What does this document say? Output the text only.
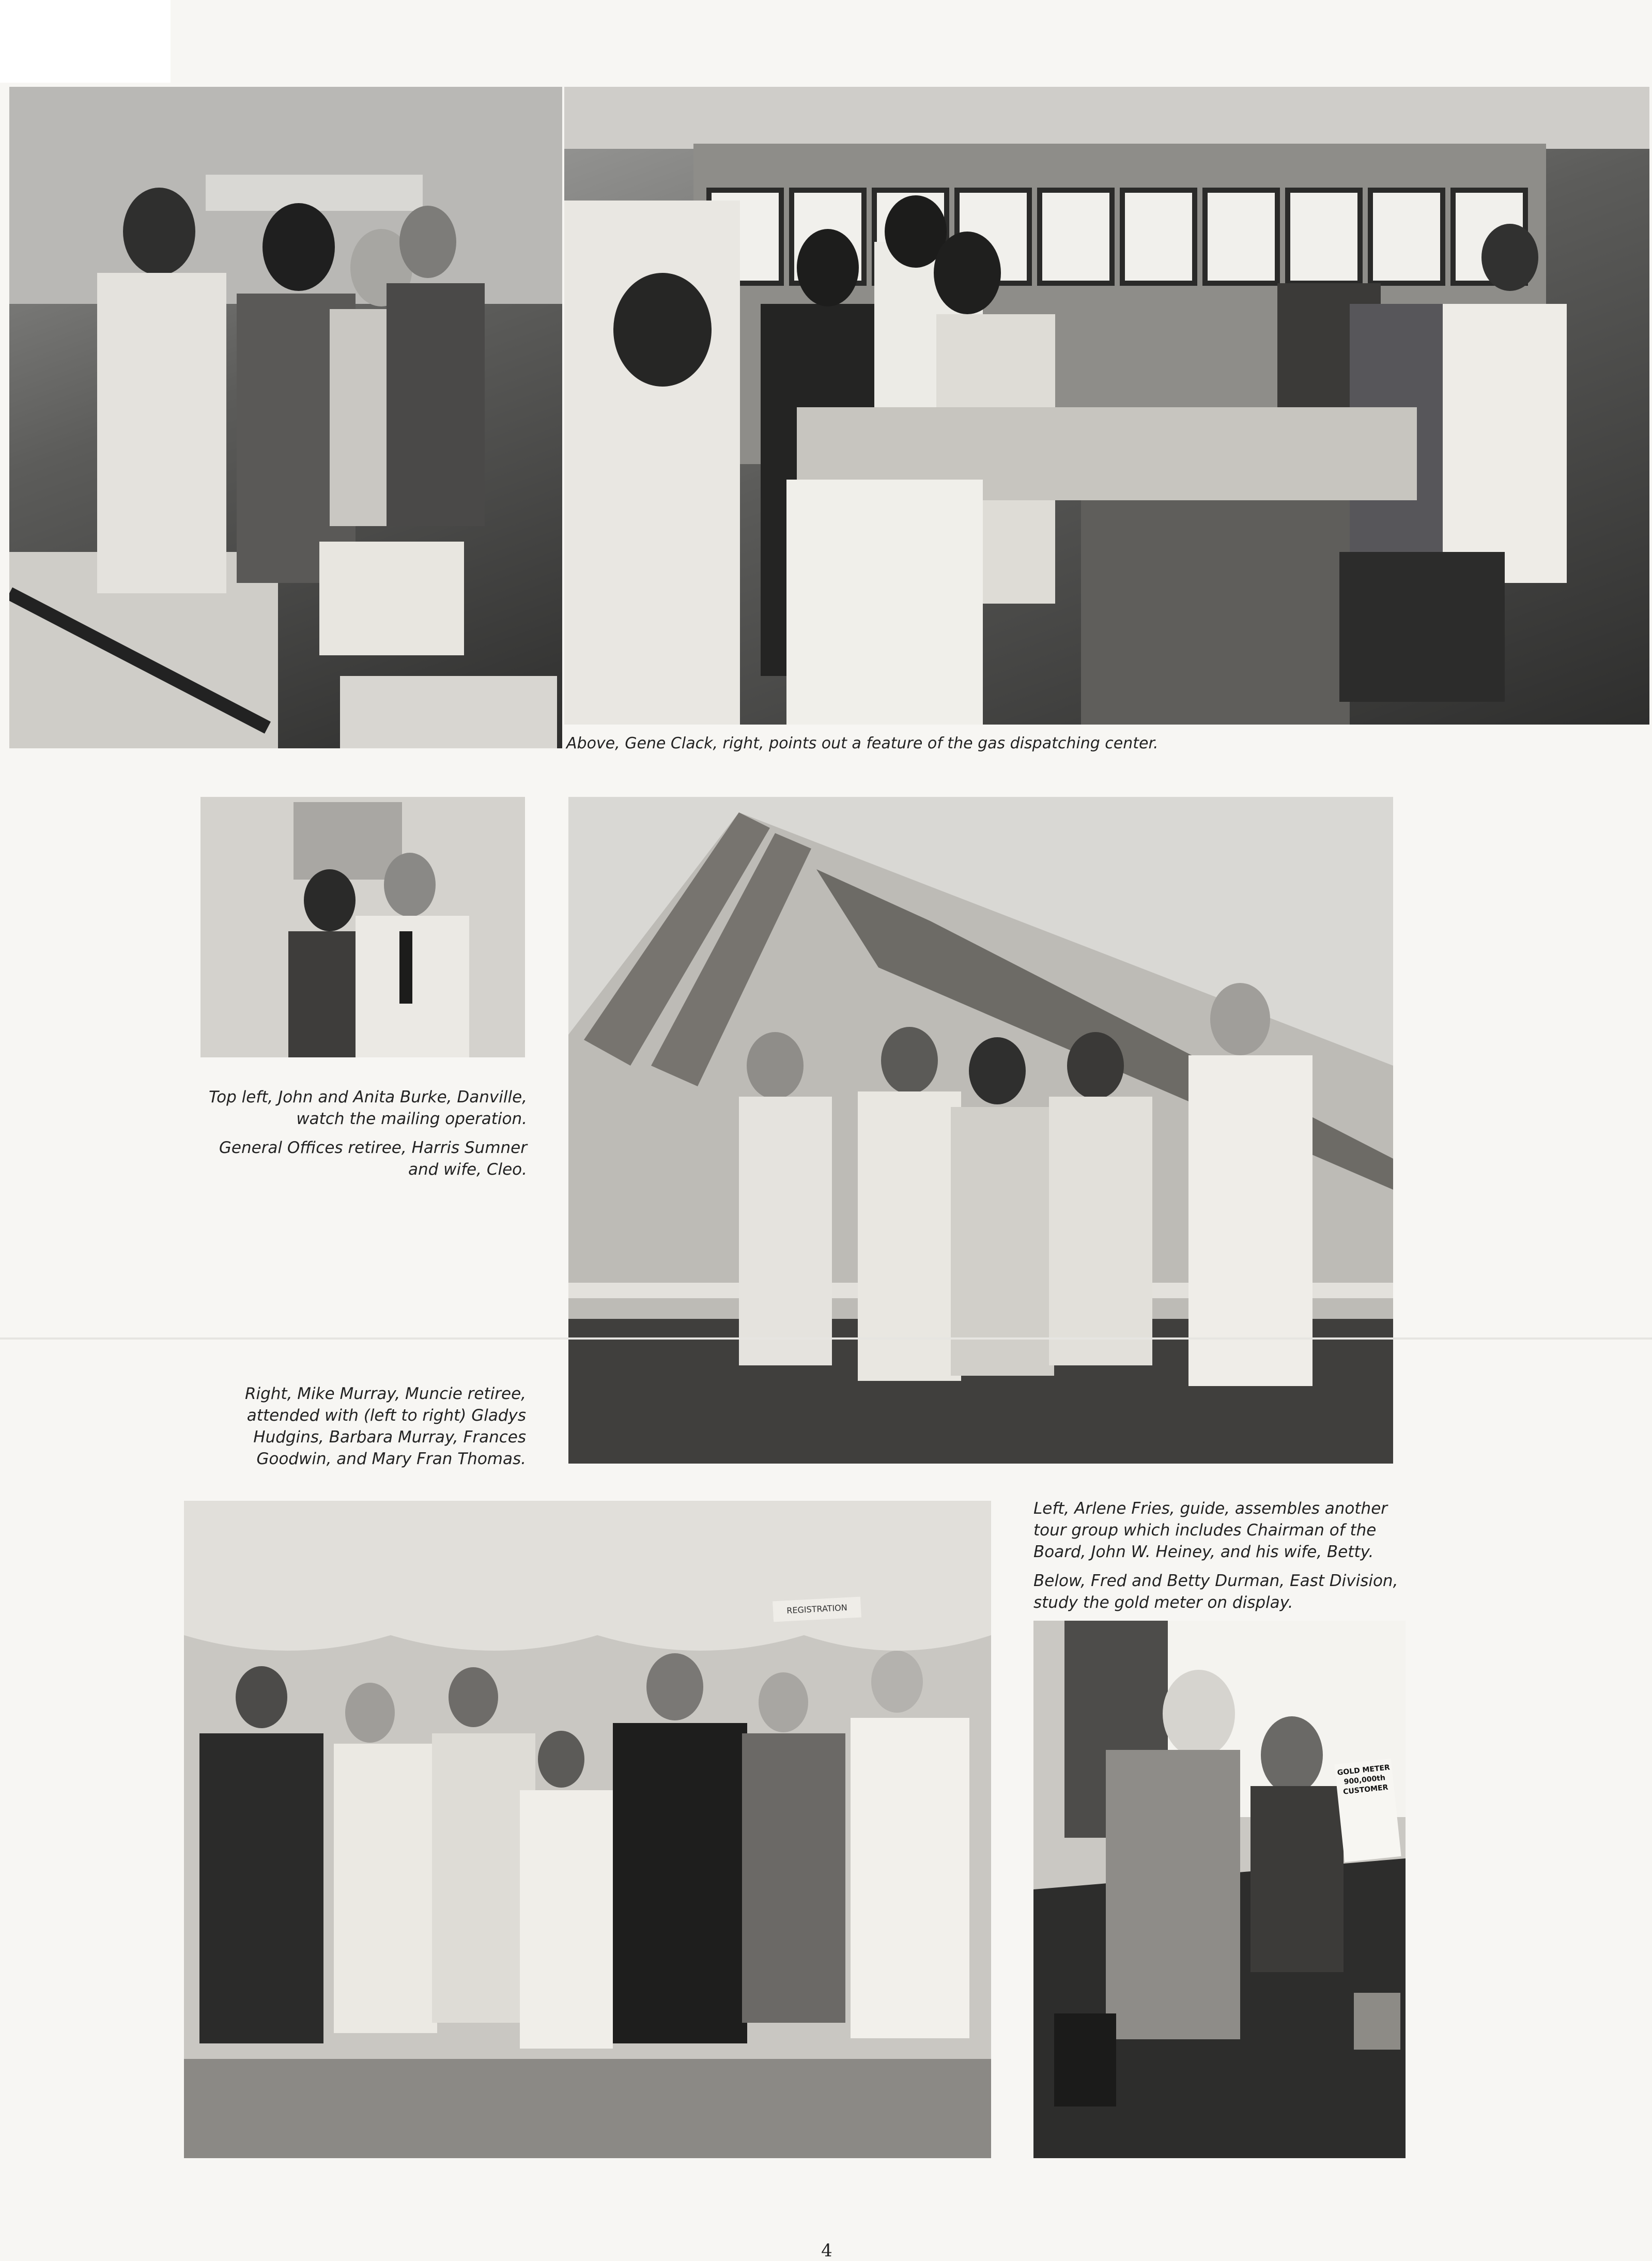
Above, Gene Clack, right, points out a feature of the gas dispatching center.

Top left, John and Anita Burke, Danville, watch the mailing operation.

General Offices retiree, Harris Sumner and wife, Cleo.

Right, Mike Murray, Muncie retiree, attended with (left to right) Gladys Hudgins, Barbara Murray, Frances Goodwin, and Mary Fran Thomas.
REGISTRATION

Left, Arlene Fries, guide, assembles another tour group which includes Chairman of the Board, John W. Heiney, and his wife, Betty.

Below, Fred and Betty Durman, East Division, study the gold meter on display.

GOLD METER
900,000th
CUSTOMER
4
